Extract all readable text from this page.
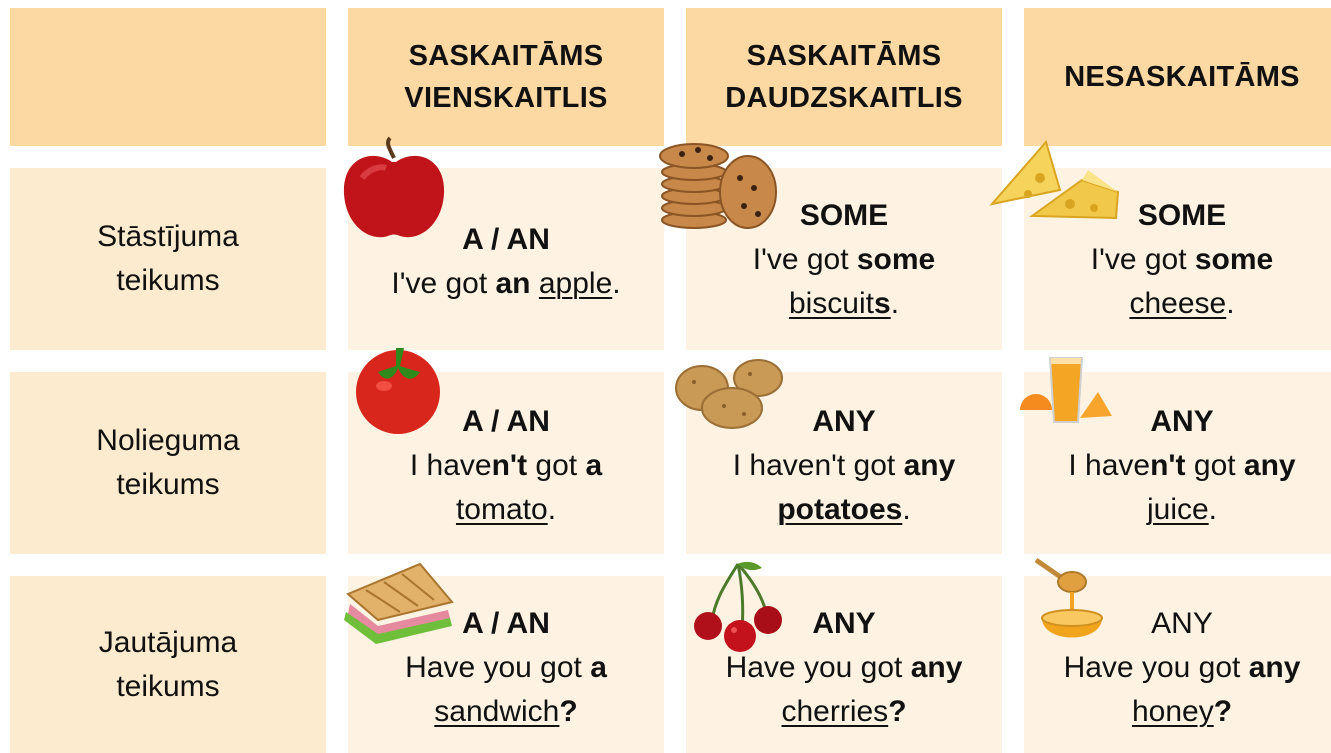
SASKAITĀMS
VIENSKAITLIS
SASKAITĀMS
DAUDZSKAITLIS
NESASKAITĀMS
Stāstījuma
teikums
Nolieguma
teikums
Jautājuma
teikums
A / AN
I've got an apple.
SOME
I've got some
biscuits.
SOME
I've got some
cheese.
A / AN
I haven't got a
tomato.
ANY
I haven't got any
potatoes.
ANY
I haven't got any
juice.
A / AN
Have you got a
sandwich?
ANY
Have you got any
cherries?
ANY
Have you got any
honey?
